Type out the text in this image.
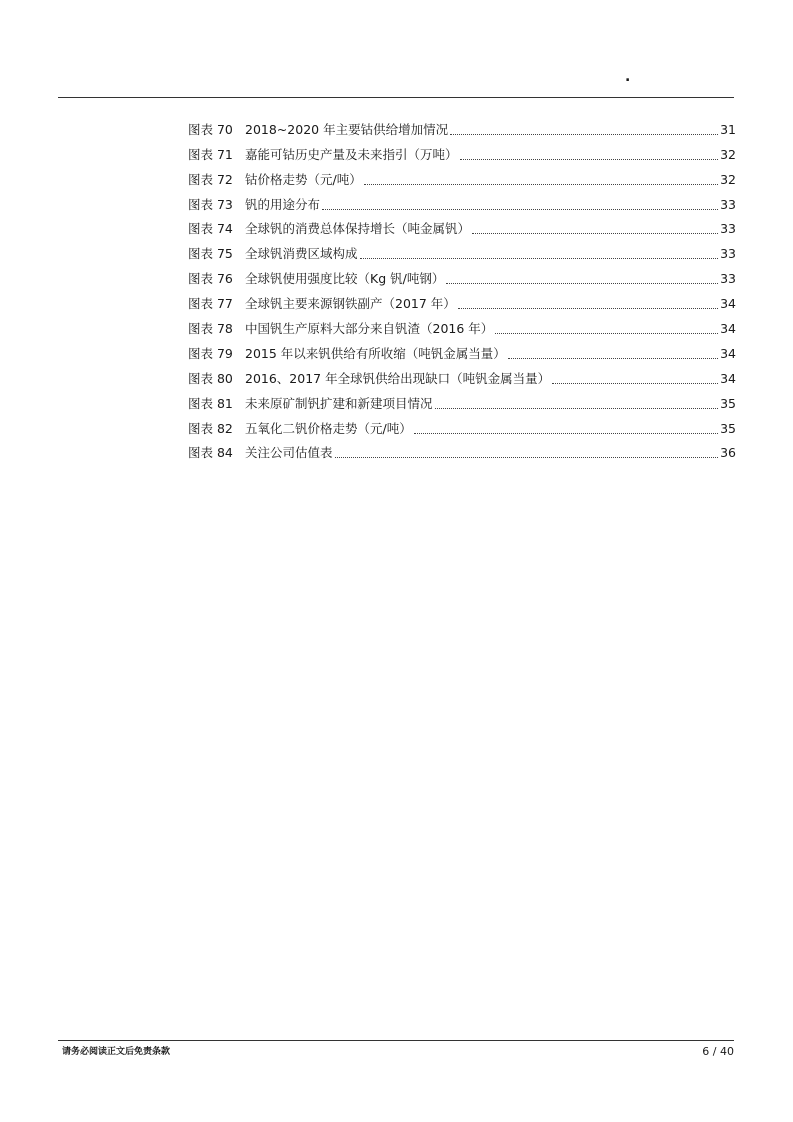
.
图表 70 2018~2020 年主要钴供给增加情况	31
图表 71 嘉能可钴历史产量及未来指引（万吨）	32
图表 72 钴价格走势（元/吨）	32
图表 73 钒的用途分布	33
图表 74 全球钒的消费总体保持增长（吨金属钒）	33
图表 75 全球钒消费区域构成	33
图表 76 全球钒使用强度比较（Kg 钒/吨钢）	33
图表 77 全球钒主要来源钢铁副产（2017 年）	34
图表 78 中国钒生产原料大部分来自钒渣（2016 年）	34
图表 79 2015 年以来钒供给有所收缩（吨钒金属当量）	34
图表 80 2016、2017 年全球钒供给出现缺口（吨钒金属当量）	34
图表 81 未来原矿制钒扩建和新建项目情况	35
图表 82 五氧化二钒价格走势（元/吨）	35
图表 84 关注公司估值表	36
请务必阅读正文后免责条款	6 / 40
